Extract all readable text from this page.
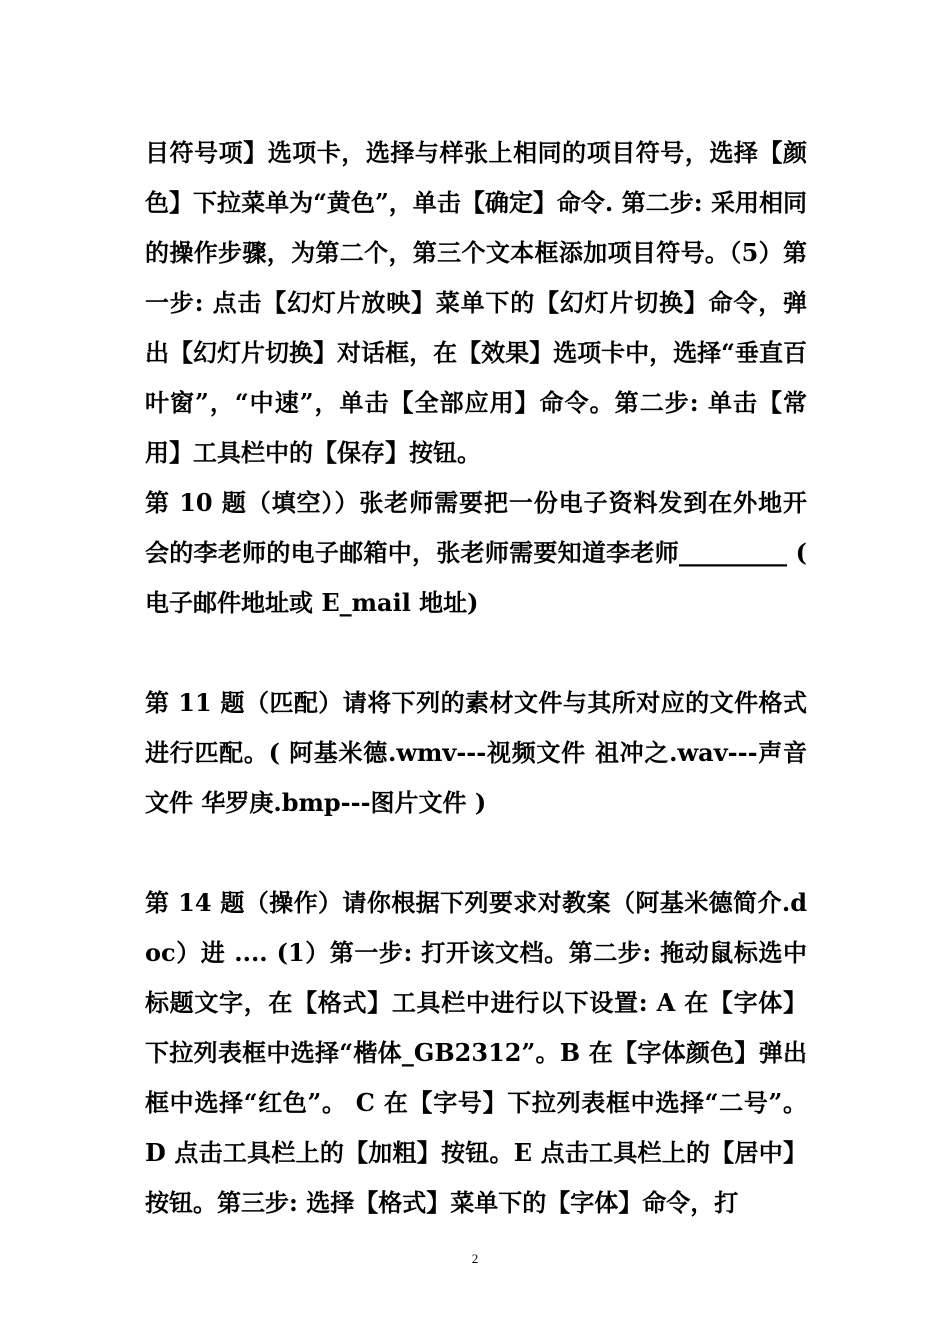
目符号项】选项卡，选择与样张上相同的项目符号，选择【颜色】下拉菜单为“黄色”，单击【确定】命令. 第二步: 采用相同的操作步骤，为第二个，第三个文本框添加项目符号。（5）第一步: 点击【幻灯片放映】菜单下的【幻灯片切换】命令，弹出【幻灯片切换】对话框，在【效果】选项卡中，选择“垂直百叶窗”，“中速”，单击【全部应用】命令。第二步: 单击【常用】工具栏中的【保存】按钮。

第 10 题（填空））张老师需要把一份电子资料发到在外地开会的李老师的电子邮箱中，张老师需要知道李老师_________ ( 电子邮件地址或 E_mail 地址)

第 11 题（匹配）请将下列的素材文件与其所对应的文件格式进行匹配。( 阿基米德.wmv---视频文件 祖冲之.wav---声音文件 华罗庚.bmp---图片文件 )

第 14 题（操作）请你根据下列要求对教案（阿基米德简介.doc）进 .... (1）第一步: 打开该文档。第二步: 拖动鼠标选中标题文字，在【格式】工具栏中进行以下设置: A 在【字体】下拉列表框中选择“楷体_GB2312”。B 在【字体颜色】弹出框中选择“红色”。 C 在【字号】下拉列表框中选择“二号”。D 点击工具栏上的【加粗】按钮。E 点击工具栏上的【居中】按钮。第三步: 选择【格式】菜单下的【字体】命令，打

2
